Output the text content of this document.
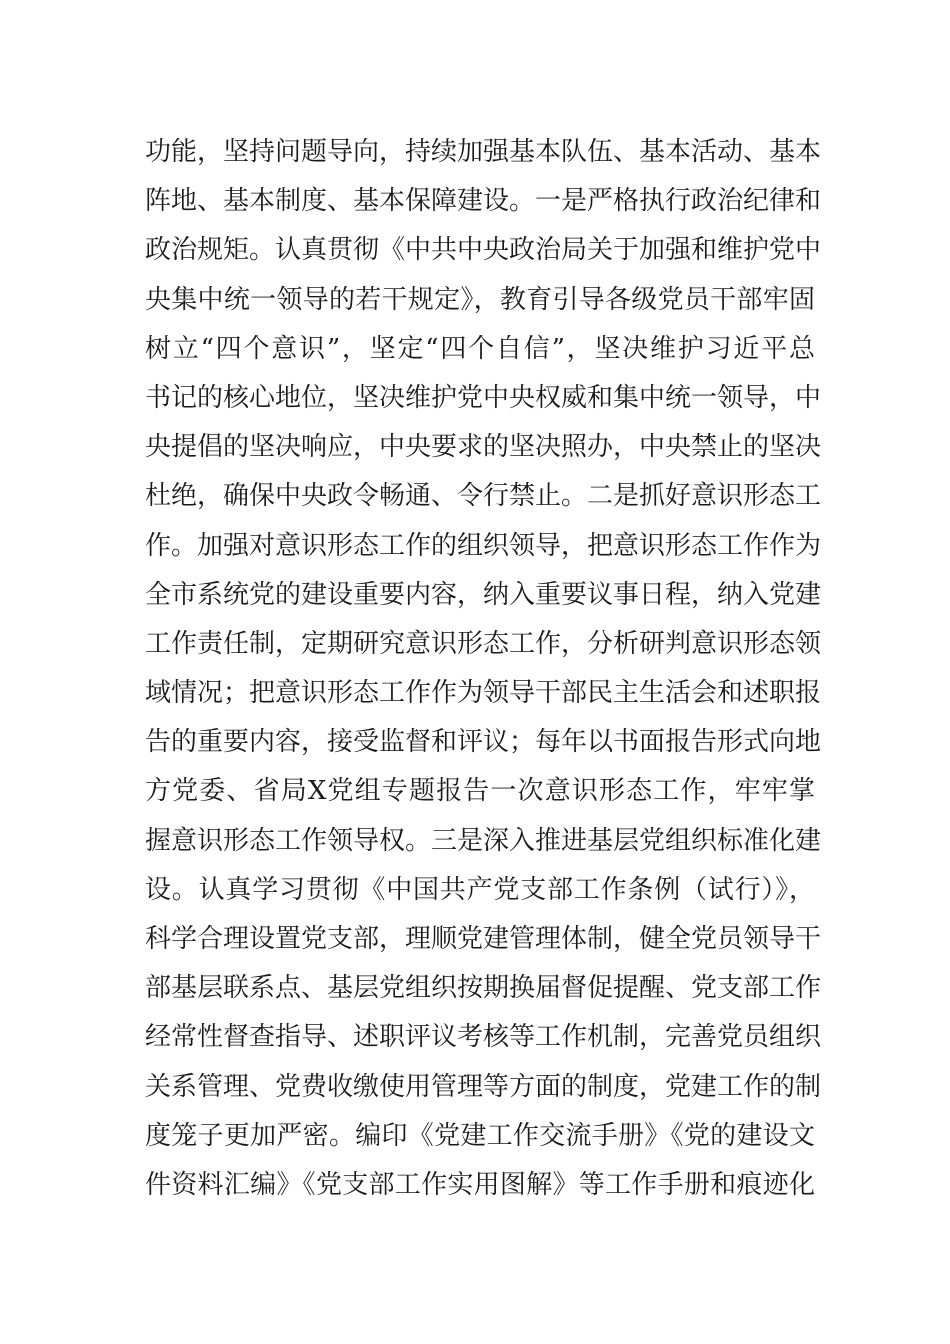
功能，坚持问题导向，持续加强基本队伍、基本活动、基本
阵地、基本制度、基本保障建设。一是严格执行政治纪律和
政治规矩。认真贯彻《中共中央政治局关于加强和维护党中
央集中统一领导的若干规定》，教育引导各级党员干部牢固
树立“四个意识”，坚定“四个自信”，坚决维护习近平总
书记的核心地位，坚决维护党中央权威和集中统一领导，中
央提倡的坚决响应，中央要求的坚决照办，中央禁止的坚决
杜绝，确保中央政令畅通、令行禁止。二是抓好意识形态工
作。加强对意识形态工作的组织领导，把意识形态工作作为
全市系统党的建设重要内容，纳入重要议事日程，纳入党建
工作责任制，定期研究意识形态工作，分析研判意识形态领
域情况；把意识形态工作作为领导干部民主生活会和述职报
告的重要内容，接受监督和评议；每年以书面报告形式向地
方党委、省局X党组专题报告一次意识形态工作，牢牢掌
握意识形态工作领导权。三是深入推进基层党组织标准化建
设。认真学习贯彻《中国共产党支部工作条例（试行）》，
科学合理设置党支部，理顺党建管理体制，健全党员领导干
部基层联系点、基层党组织按期换届督促提醒、党支部工作
经常性督查指导、述职评议考核等工作机制，完善党员组织
关系管理、党费收缴使用管理等方面的制度，党建工作的制
度笼子更加严密。编印《党建工作交流手册》《党的建设文
件资料汇编》《党支部工作实用图解》等工作手册和痕迹化
